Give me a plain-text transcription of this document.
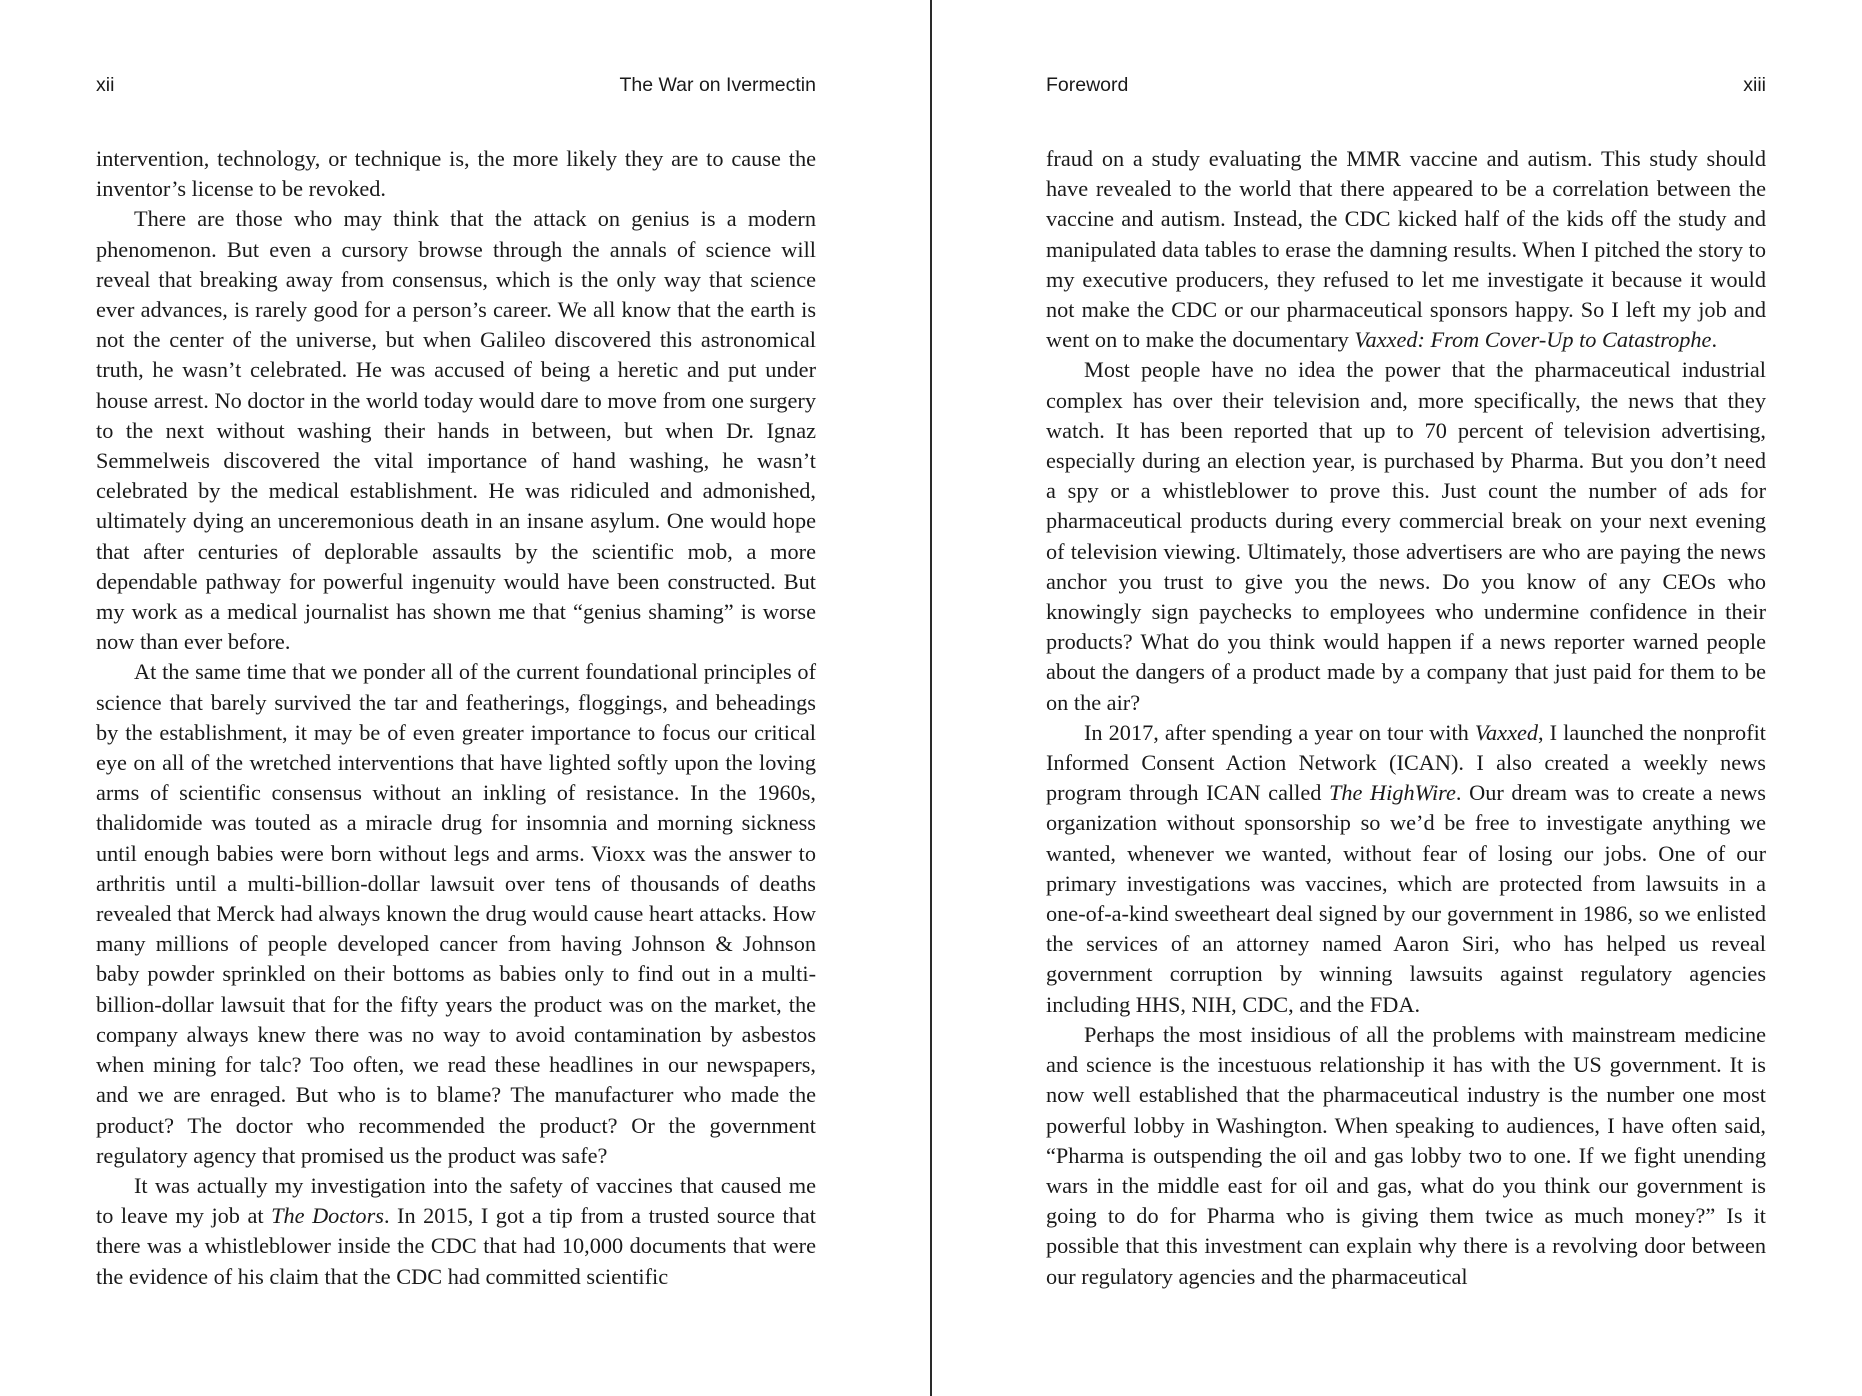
xii	The War on Ivermectin

intervention, technology, or technique is, the more likely they are to cause the inventor’s license to be revoked.

There are those who may think that the attack on genius is a modern phenomenon. But even a cursory browse through the annals of science will reveal that breaking away from consensus, which is the only way that science ever advances, is rarely good for a person’s career. We all know that the earth is not the center of the universe, but when Galileo discovered this astronomical truth, he wasn’t celebrated. He was accused of being a heretic and put under house arrest. No doctor in the world today would dare to move from one surgery to the next without washing their hands in between, but when Dr. Ignaz Semmelweis discovered the vital importance of hand washing, he wasn’t celebrated by the medical establishment. He was ridiculed and admonished, ultimately dying an unceremonious death in an insane asylum. One would hope that after centuries of deplorable assaults by the scientific mob, a more dependable pathway for powerful ingenuity would have been constructed. But my work as a medical journalist has shown me that “genius shaming” is worse now than ever before.

At the same time that we ponder all of the current foundational principles of science that barely survived the tar and featherings, floggings, and beheadings by the establishment, it may be of even greater importance to focus our critical eye on all of the wretched interventions that have lighted softly upon the loving arms of scientific consensus without an inkling of resistance. In the 1960s, thalidomide was touted as a miracle drug for insomnia and morning sickness until enough babies were born without legs and arms. Vioxx was the answer to arthritis until a multi-billion-dollar lawsuit over tens of thousands of deaths revealed that Merck had always known the drug would cause heart attacks. How many millions of people developed cancer from having Johnson & Johnson baby powder sprinkled on their bottoms as babies only to find out in a multi-billion-dollar lawsuit that for the fifty years the product was on the market, the company always knew there was no way to avoid contamination by asbestos when mining for talc? Too often, we read these headlines in our newspapers, and we are enraged. But who is to blame? The manufacturer who made the product? The doctor who recommended the product? Or the government regulatory agency that promised us the product was safe?

It was actually my investigation into the safety of vaccines that caused me to leave my job at The Doctors. In 2015, I got a tip from a trusted source that there was a whistleblower inside the CDC that had 10,000 documents that were the evidence of his claim that the CDC had committed scientific

Foreword	xiii

fraud on a study evaluating the MMR vaccine and autism. This study should have revealed to the world that there appeared to be a correlation between the vaccine and autism. Instead, the CDC kicked half of the kids off the study and manipulated data tables to erase the damning results. When I pitched the story to my executive producers, they refused to let me investigate it because it would not make the CDC or our pharmaceutical sponsors happy. So I left my job and went on to make the documentary Vaxxed: From Cover-Up to Catastrophe.

Most people have no idea the power that the pharmaceutical industrial complex has over their television and, more specifically, the news that they watch. It has been reported that up to 70 percent of television advertising, especially during an election year, is purchased by Pharma. But you don’t need a spy or a whistleblower to prove this. Just count the number of ads for pharmaceutical products during every commercial break on your next evening of television viewing. Ultimately, those advertisers are who are paying the news anchor you trust to give you the news. Do you know of any CEOs who knowingly sign paychecks to employees who undermine confidence in their products? What do you think would happen if a news reporter warned people about the dangers of a product made by a company that just paid for them to be on the air?

In 2017, after spending a year on tour with Vaxxed, I launched the nonprofit Informed Consent Action Network (ICAN). I also created a weekly news program through ICAN called The HighWire. Our dream was to create a news organization without sponsorship so we’d be free to investigate anything we wanted, whenever we wanted, without fear of losing our jobs. One of our primary investigations was vaccines, which are protected from lawsuits in a one-of-a-kind sweetheart deal signed by our government in 1986, so we enlisted the services of an attorney named Aaron Siri, who has helped us reveal government corruption by winning lawsuits against regulatory agencies including HHS, NIH, CDC, and the FDA.

Perhaps the most insidious of all the problems with mainstream medicine and science is the incestuous relationship it has with the US government. It is now well established that the pharmaceutical industry is the number one most powerful lobby in Washington. When speaking to audiences, I have often said, “Pharma is outspending the oil and gas lobby two to one. If we fight unending wars in the middle east for oil and gas, what do you think our government is going to do for Pharma who is giving them twice as much money?” Is it possible that this investment can explain why there is a revolving door between our regulatory agencies and the pharmaceutical
